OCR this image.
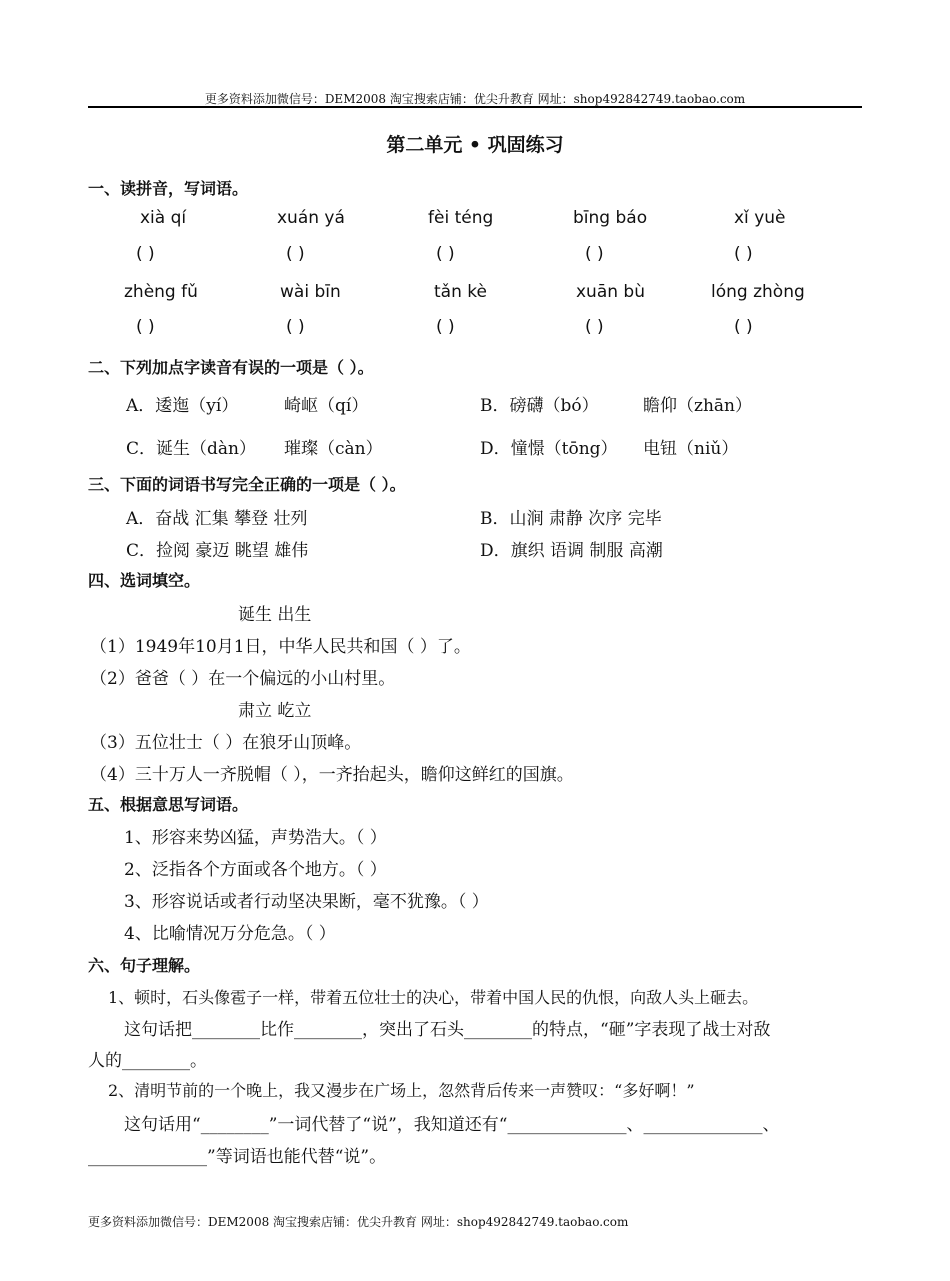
更多资料添加微信号：DEM2008 淘宝搜索店铺：优尖升教育 网址：shop492842749.taobao.com
第二单元 • 巩固练习
一、读拼音，写词语。
xià qí	xuán yá	fèi téng	bīng báo	xǐ yuè
( )	( )	( )	( )	( )
zhèng fǔ	wài bīn	tǎn kè	xuān bù	lóng zhòng
( )	( )	( )	( )	( )
二、下列加点字读音有误的一项是（ ）。
A．逶迤（yí）	崎岖（qí）	B．磅礴（bó）	瞻仰（zhān）
C．诞生（dàn） 璀璨（càn）	D．憧憬（tōng） 电钮（niǔ）
三、下面的词语书写完全正确的一项是（ ）。
A．奋战 汇集 攀登 壮列	B．山涧 肃静 次序 完毕
C．捡阅 豪迈 眺望 雄伟	D．旗织 语调 制服 高潮
四、选词填空。
诞生 出生
（1）1949年10月1日，中华人民共和国（ ）了。
（2）爸爸（ ）在一个偏远的小山村里。
肃立 屹立
（3）五位壮士（ ）在狼牙山顶峰。
（4）三十万人一齐脱帽（ ），一齐抬起头，瞻仰这鲜红的国旗。
五、根据意思写词语。
1、形容来势凶猛，声势浩大。（ ）
2、泛指各个方面或各个地方。（ ）
3、形容说话或者行动坚决果断，毫不犹豫。（ ）
4、比喻情况万分危急。（ ）
六、句子理解。
1、顿时，石头像雹子一样，带着五位壮士的决心，带着中国人民的仇恨，向敌人头上砸去。
这句话把________比作________，突出了石头________的特点，“砸”字表现了战士对敌
人的________。
2、清明节前的一个晚上，我又漫步在广场上，忽然背后传来一声赞叹：“多好啊！”
这句话用“________”一词代替了“说”，我知道还有“______________、______________、
______________”等词语也能代替“说”。
更多资料添加微信号：DEM2008 淘宝搜索店铺：优尖升教育 网址：shop492842749.taobao.com
